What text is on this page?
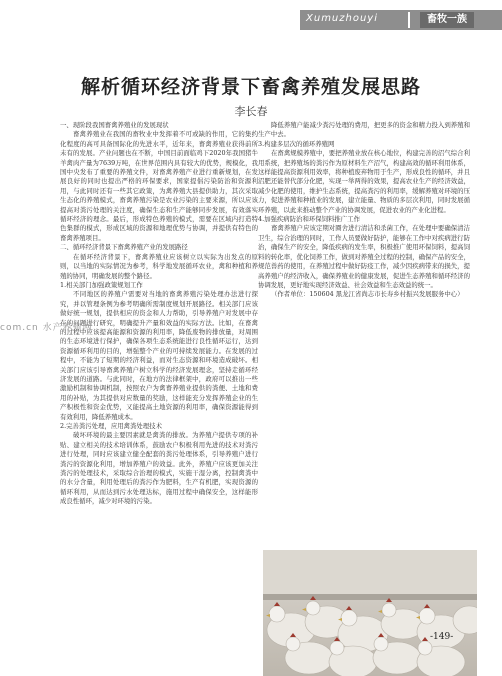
Xumuzhouyi	畜牧一族
解析循环经济背景下畜禽养殖发展思路
李长春

一、现阶段我国畜禽养殖业的发展现状

畜禽养殖业在我国的畜牧业中发挥着不可或缺的作用，它的集约化程度的高可具备国际化的先进水平，近年来，畜禽养殖业获得前所未有的发展。产业问题也在不断，中国目前面临鸡下2020年我国猪牛羊禽肉产量为7639万吨，在世界范围内具有较大的优势，规模化，我国中央发布了重要的养殖文件，对畜禽养殖产业进行重新规划，在发展良好的同时也提出严格的环保要求，国家提倡污染防治和资源利用，与此同时还有一些其它政策，为禽养殖大县提供助力，其次采取生态化的养殖模式，畜禽养殖污染是农业污染的主要来源，所以应该提高对粪污处理的关注度，确保生态和生产能够同步发展，有效落实循环经济的理念。最后，形成特色养殖的模式，需要在区域内打造特色集群的模式，形成区域的资源和地理优势与协调，并提供有特色的畜禽养殖项目。

二、循环经济背景下畜禽养殖产业的发展路径

在循环经济背景下，畜禽养殖业应该树立以实际为出发点的原则，以当地的实际情况为参考，科学地发展循环农业，禽和种植和养殖的协同，明确发展的整个路径。

1.相关部门加强政策规划工作

不同地区的养殖户需要对当地的畜禽养殖污染处理办法进行探究，并以管理条例为参考明确所需制度规划开展路径。相关部门应该做好统一规划，提供相应的资金和人力帮助，引导养殖户对发展中存在的问题进行研究，明确提升产量和效益的实际方法。比如，在畜禽的过程中应该提高能源和资源的利用率，降低废物的排放量，对周围的生态环境进行保护，确保各项生态系统能进行良性循环运行，达到资源循环利用的目的，增强整个产业的可持续发展能力。在发展的过程中，不能为了短期的经济利益，而对生态资源和环境造成破坏。相关部门应该引导畜禽养殖户树立科学的经济发展理念，坚持走循环经济发展的道路。与此同时，在地方的法律框架中，政府可以推出一些激励机制和协调机制，按照农户为禽畜养殖业提供的粪便、土地和费用的补贴，为其提供对应数量的奖励，这样能充分发挥养殖企业的生产积极性和资金优势，又能提高土地资源的利用率，确保资源能得到有效利用，降低养殖成本。

2.完善粪污处理，应用禽粪处理技术

破坏环境的最主要因素就是禽粪的排放。为养殖户提供专项的补贴、建立相关的技术培训体系，鼓励农户积极利用先进的技术对粪污进行处理，同时应该建立健全配套的粪污处理体系，引导养殖户进行粪污的资源化利用，增加养殖户的效益。此外，养殖户应该更加关注粪污的处理技术，采取综合治理的模式，实施干湿分离，控制禽粪中的水分含量，利用处理后的粪污作为肥料，生产有机肥，实现资源的循环利用，从而达到污水处理达标，施用过程中确保安全，这样能形成良性循环，减少对环境的污染。

降低养殖户能减少粪污处理的费用，把更多的资金和精力投入到养殖和生产中去。

3.构建多层次的循环养殖网

在畜禽规模养殖中，要把养殖业放在核心地位，构建完善的沼气综合利用系统，把养殖场的粪污作为原材料生产沼气，构建高效的循环利用体系，这样能提高资源利用效率，将种植废弃物用于生产，形成良性的循环，并且沼肥还能替代部分化肥，实现一举两得的效果，提高农业生产的经济效益，减少化肥的使用，维护生态系统，提高粪污的利用率，缓解养殖对环境的压力，促进养殖和种植业的发展，建立能量、物质的多层次利用，同时发展循环养殖，以此来推动整个产业的协调发展，促进农业的产业化进程。

4.加强疾病防治和环保饲料推广工作

畜禽养殖户应该定期对圈舍进行清洁和杀菌工作，在处理中要确保清洁卫生，综合治理的同时，工作人员要做好防护，能够在工作中对疾病进行防治，确保生产的安全，降低疾病的发生率，积极推广使用环保饲料，提高饲料的转化率，优化饲养工作，做到对养殖全过程的控制，确保产品的安全，规范兽药的使用，在养殖过程中做好防疫工作，减少因疾病带来的损失，提高养殖户的经济收入，确保养殖业的健康发展，促进生态养殖和循环经济的协调发展，更好地实现经济效益、社会效益和生态效益的统一。

（作者单位：150604 黑龙江省尚志市长寿乡村振兴发展服务中心）

com.cn 水产养殖网
-149-
